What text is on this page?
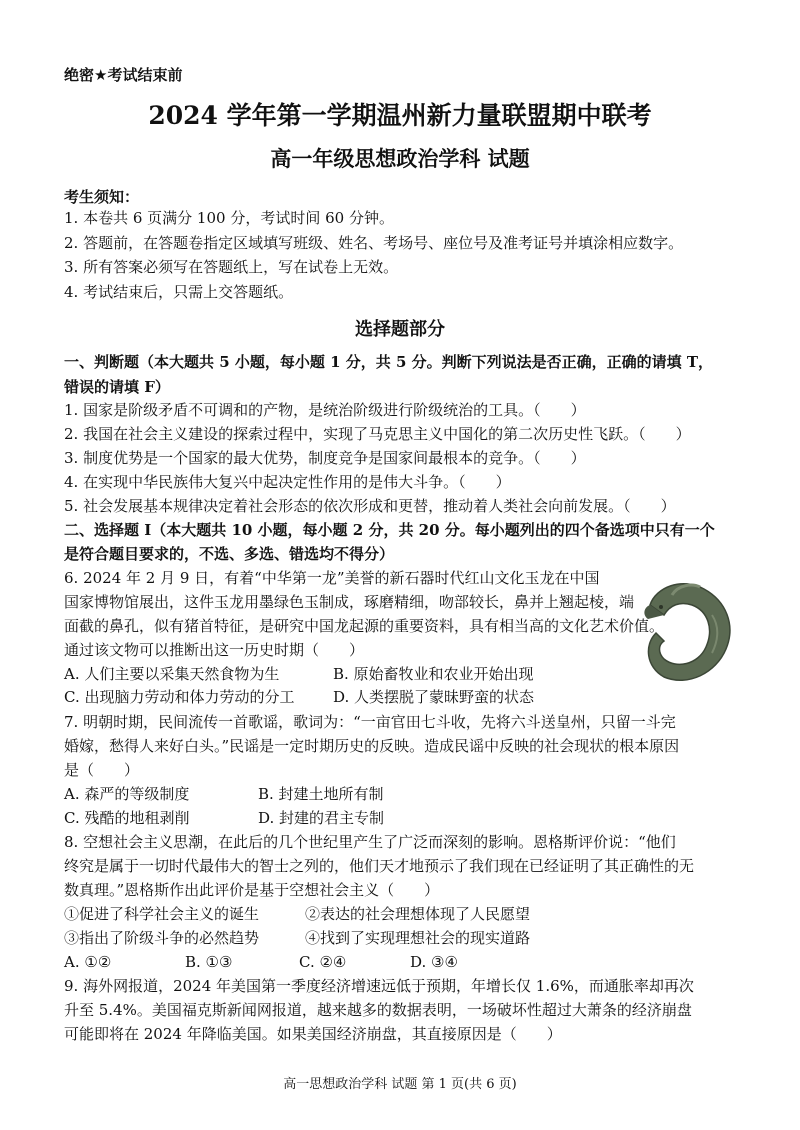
绝密★考试结束前
2024 学年第一学期温州新力量联盟期中联考
高一年级思想政治学科 试题
考生须知：
1. 本卷共 6 页满分 100 分，考试时间 60 分钟。
2. 答题前，在答题卷指定区域填写班级、姓名、考场号、座位号及准考证号并填涂相应数字。
3. 所有答案必须写在答题纸上，写在试卷上无效。
4. 考试结束后，只需上交答题纸。
选择题部分
一、判断题（本大题共 5 小题，每小题 1 分，共 5 分。判断下列说法是否正确，正确的请填 T，
错误的请填 F）
1. 国家是阶级矛盾不可调和的产物，是统治阶级进行阶级统治的工具。（　　）
2. 我国在社会主义建设的探索过程中，实现了马克思主义中国化的第二次历史性飞跃。（　　）
3. 制度优势是一个国家的最大优势，制度竞争是国家间最根本的竞争。（　　）
4. 在实现中华民族伟大复兴中起决定性作用的是伟大斗争。（　　）
5. 社会发展基本规律决定着社会形态的依次形成和更替，推动着人类社会向前发展。（　　）
二、选择题 I（本大题共 10 小题，每小题 2 分，共 20 分。每小题列出的四个备选项中只有一个
是符合题目要求的，不选、多选、错选均不得分）
6. 2024 年 2 月 9 日，有着“中华第一龙”美誉的新石器时代红山文化玉龙在中国
国家博物馆展出，这件玉龙用墨绿色玉制成，琢磨精细，吻部较长，鼻并上翘起棱，端
面截的鼻孔，似有猪首特征，是研究中国龙起源的重要资料，具有相当高的文化艺术价值。
通过该文物可以推断出这一历史时期（　　）
A. 人们主要以采集天然食物为生	B. 原始畜牧业和农业开始出现
C. 出现脑力劳动和体力劳动的分工	D. 人类摆脱了蒙昧野蛮的状态
7. 明朝时期，民间流传一首歌谣，歌词为：“一亩官田七斗收，先将六斗送皇州，只留一斗完
婚嫁，愁得人来好白头。”民谣是一定时期历史的反映。造成民谣中反映的社会现状的根本原因
是（　　）
A. 森严的等级制度	B. 封建土地所有制
C. 残酷的地租剥削	D. 封建的君主专制
8. 空想社会主义思潮，在此后的几个世纪里产生了广泛而深刻的影响。恩格斯评价说：“他们
终究是属于一切时代最伟大的智士之列的，他们天才地预示了我们现在已经证明了其正确性的无
数真理。”恩格斯作出此评价是基于空想社会主义（　　）
①促进了科学社会主义的诞生	②表达的社会理想体现了人民愿望
③指出了阶级斗争的必然趋势	④找到了实现理想社会的现实道路
A. ①②	B. ①③	C. ②④	D. ③④
9. 海外网报道，2024 年美国第一季度经济增速远低于预期，年增长仅 1.6%，而通胀率却再次
升至 5.4%。美国福克斯新闻网报道，越来越多的数据表明，一场破坏性超过大萧条的经济崩盘
可能即将在 2024 年降临美国。如果美国经济崩盘，其直接原因是（　　）
高一思想政治学科 试题 第 1 页(共 6 页)
